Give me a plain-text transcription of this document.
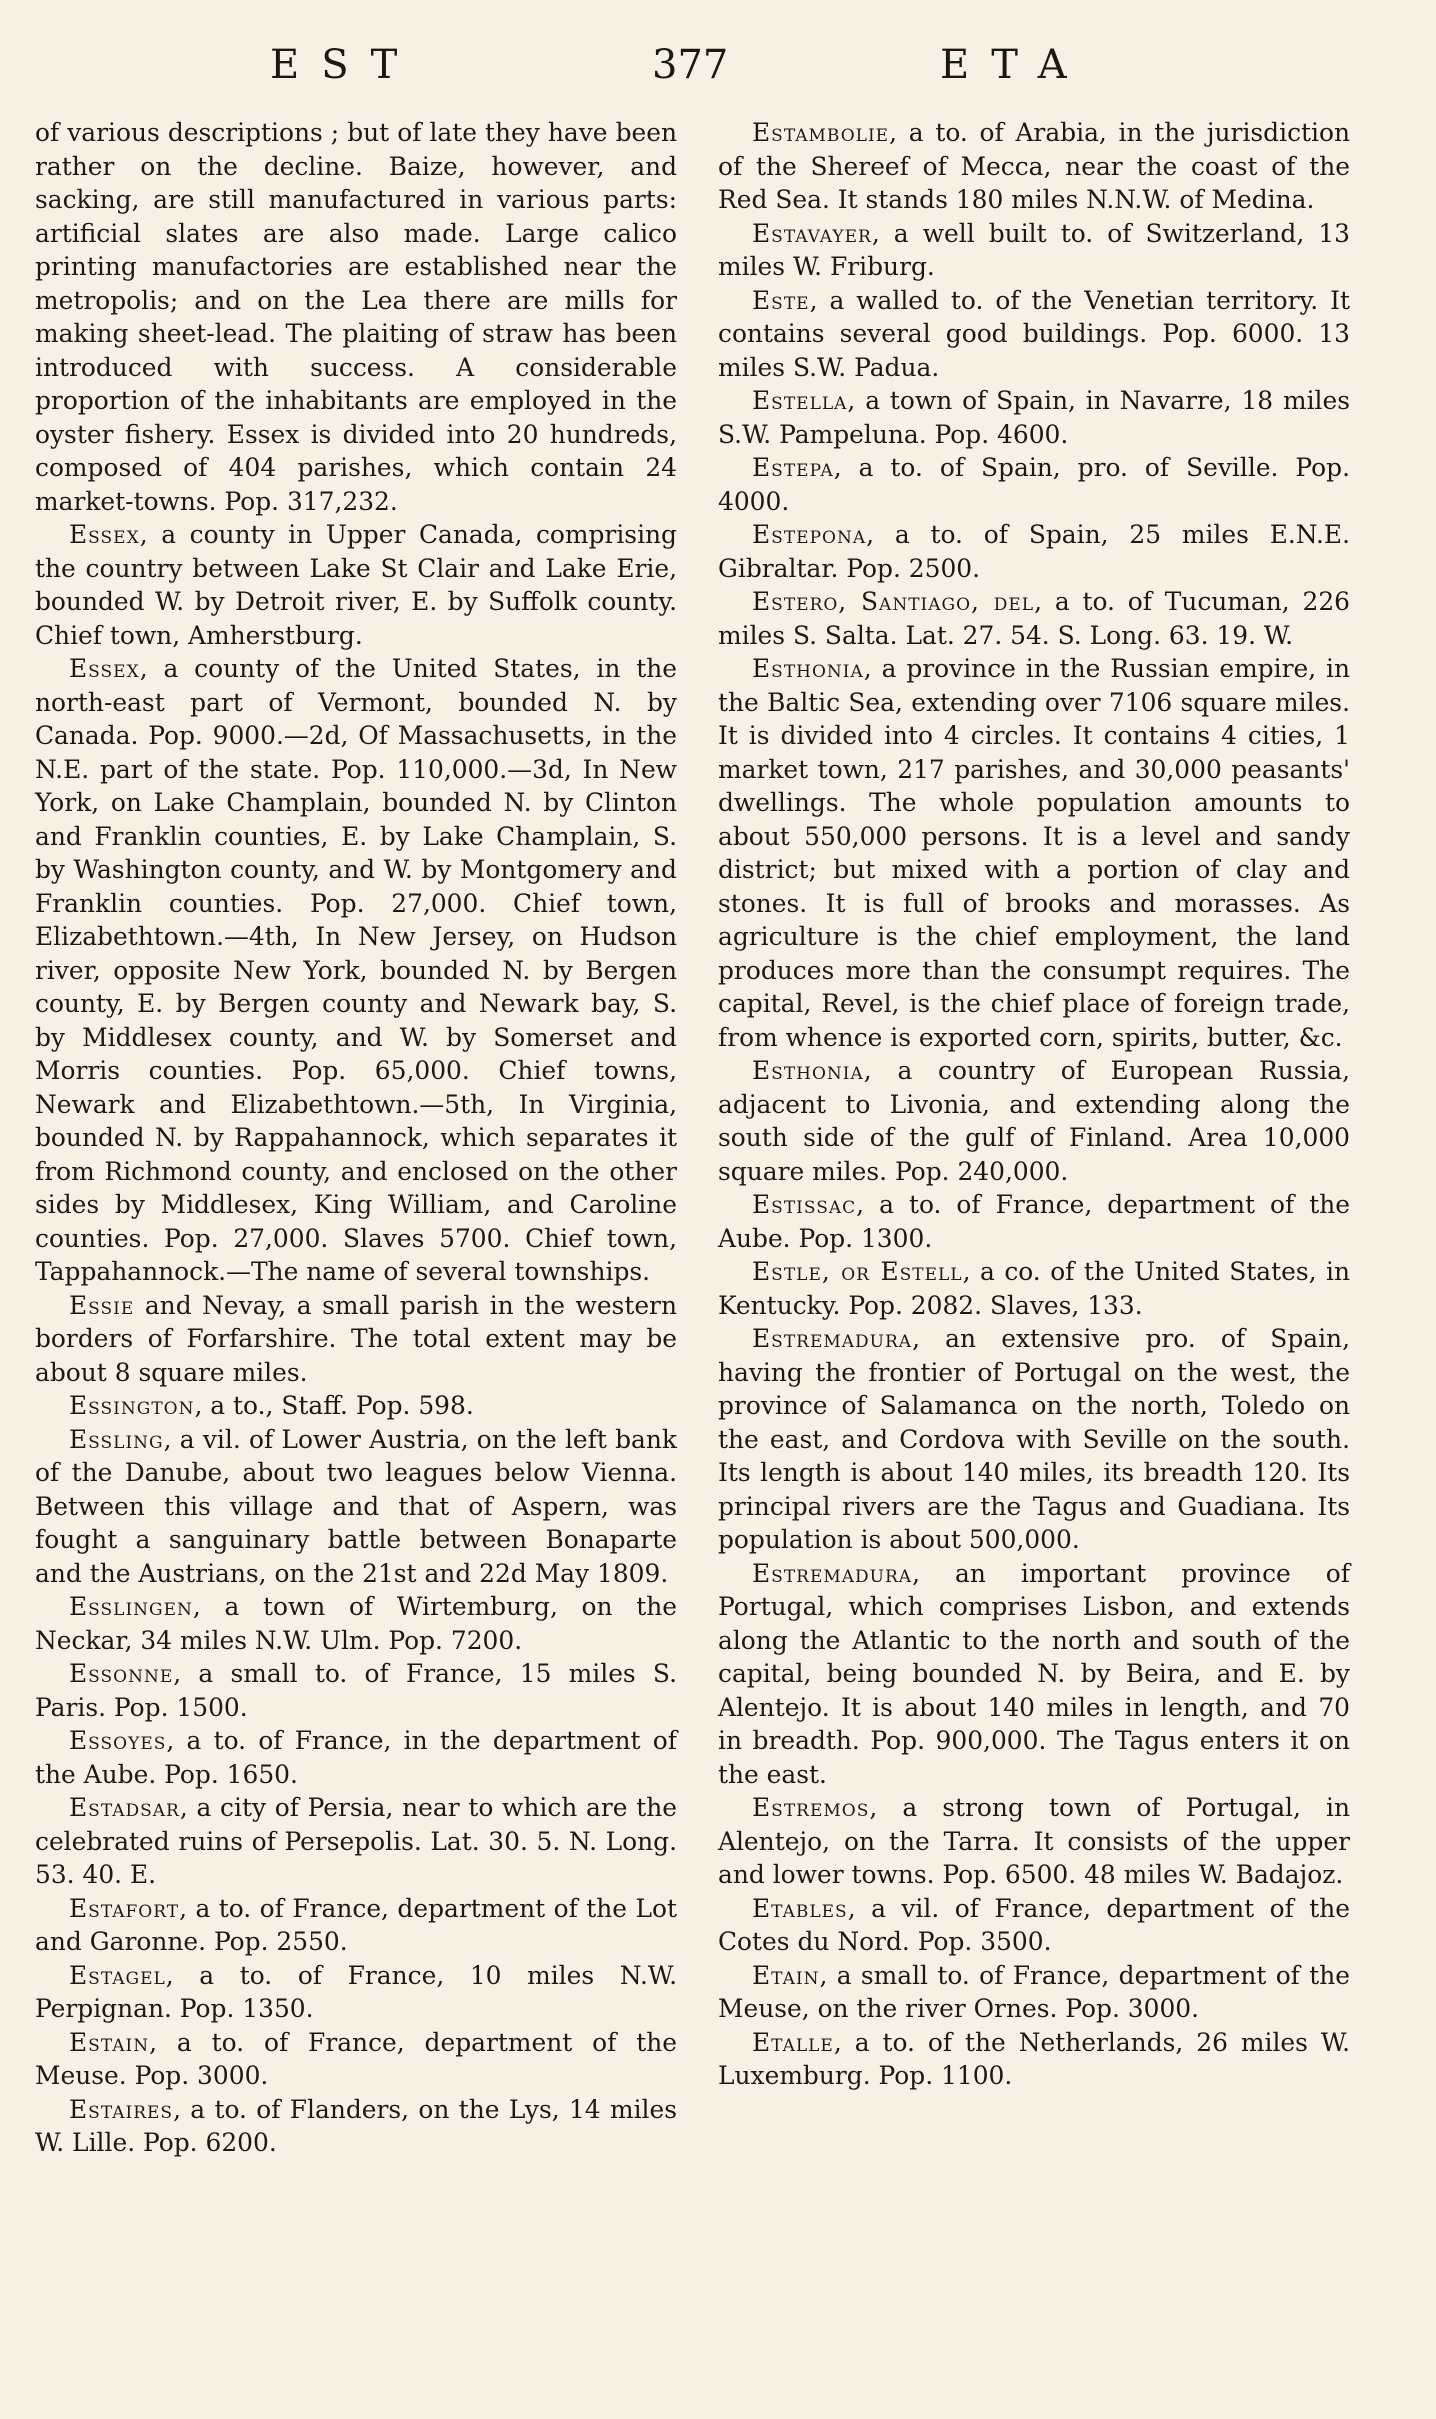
EST	377	ETA

of various descriptions ; but of late they have been rather on the decline. Baize, however, and sacking, are still manufactured in various parts: artificial slates are also made. Large calico printing manufactories are established near the metropolis; and on the Lea there are mills for making sheet-lead. The plaiting of straw has been introduced with success. A considerable proportion of the inhabitants are employed in the oyster fishery. Essex is divided into 20 hundreds, composed of 404 parishes, which contain 24 market-towns. Pop. 317,232.

Essex, a county in Upper Canada, comprising the country between Lake St Clair and Lake Erie, bounded W. by Detroit river, E. by Suffolk county. Chief town, Amherstburg.

Essex, a county of the United States, in the north-east part of Vermont, bounded N. by Canada. Pop. 9000.—2d, Of Massachusetts, in the N.E. part of the state. Pop. 110,000.—3d, In New York, on Lake Champlain, bounded N. by Clinton and Franklin counties, E. by Lake Champlain, S. by Washington county, and W. by Montgomery and Franklin counties. Pop. 27,000. Chief town, Elizabethtown.—4th, In New Jersey, on Hudson river, opposite New York, bounded N. by Bergen county, E. by Bergen county and Newark bay, S. by Middlesex county, and W. by Somerset and Morris counties. Pop. 65,000. Chief towns, Newark and Elizabethtown.—5th, In Virginia, bounded N. by Rappahannock, which separates it from Richmond county, and enclosed on the other sides by Middlesex, King William, and Caroline counties. Pop. 27,000. Slaves 5700. Chief town, Tappahannock.—The name of several townships.

Essie and Nevay, a small parish in the western borders of Forfarshire. The total extent may be about 8 square miles.

Essington, a to., Staff. Pop. 598.

Essling, a vil. of Lower Austria, on the left bank of the Danube, about two leagues below Vienna. Between this village and that of Aspern, was fought a sanguinary battle between Bonaparte and the Austrians, on the 21st and 22d May 1809.

Esslingen, a town of Wirtemburg, on the Neckar, 34 miles N.W. Ulm. Pop. 7200.

Essonne, a small to. of France, 15 miles S. Paris. Pop. 1500.

Essoyes, a to. of France, in the department of the Aube. Pop. 1650.

Estadsar, a city of Persia, near to which are the celebrated ruins of Persepolis. Lat. 30. 5. N. Long. 53. 40. E.

Estafort, a to. of France, department of the Lot and Garonne. Pop. 2550.

Estagel, a to. of France, 10 miles N.W. Perpignan. Pop. 1350.

Estain, a to. of France, department of the Meuse. Pop. 3000.

Estaires, a to. of Flanders, on the Lys, 14 miles W. Lille. Pop. 6200.

Estambolie, a to. of Arabia, in the jurisdiction of the Shereef of Mecca, near the coast of the Red Sea. It stands 180 miles N.N.W. of Medina.

Estavayer, a well built to. of Switzerland, 13 miles W. Friburg.

Este, a walled to. of the Venetian territory. It contains several good buildings. Pop. 6000. 13 miles S.W. Padua.

Estella, a town of Spain, in Navarre, 18 miles S.W. Pampeluna. Pop. 4600.

Estepa, a to. of Spain, pro. of Seville. Pop. 4000.

Estepona, a to. of Spain, 25 miles E.N.E. Gibraltar. Pop. 2500.

Estero, Santiago, del, a to. of Tucuman, 226 miles S. Salta. Lat. 27. 54. S. Long. 63. 19. W.

Esthonia, a province in the Russian empire, in the Baltic Sea, extending over 7106 square miles. It is divided into 4 circles. It contains 4 cities, 1 market town, 217 parishes, and 30,000 peasants' dwellings. The whole population amounts to about 550,000 persons. It is a level and sandy district; but mixed with a portion of clay and stones. It is full of brooks and morasses. As agriculture is the chief employment, the land produces more than the consumpt requires. The capital, Revel, is the chief place of foreign trade, from whence is exported corn, spirits, butter, &c.

Esthonia, a country of European Russia, adjacent to Livonia, and extending along the south side of the gulf of Finland. Area 10,000 square miles. Pop. 240,000.

Estissac, a to. of France, department of the Aube. Pop. 1300.

Estle, or Estell, a co. of the United States, in Kentucky. Pop. 2082. Slaves, 133.

Estremadura, an extensive pro. of Spain, having the frontier of Portugal on the west, the province of Salamanca on the north, Toledo on the east, and Cordova with Seville on the south. Its length is about 140 miles, its breadth 120. Its principal rivers are the Tagus and Guadiana. Its population is about 500,000.

Estremadura, an important province of Portugal, which comprises Lisbon, and extends along the Atlantic to the north and south of the capital, being bounded N. by Beira, and E. by Alentejo. It is about 140 miles in length, and 70 in breadth. Pop. 900,000. The Tagus enters it on the east.

Estremos, a strong town of Portugal, in Alentejo, on the Tarra. It consists of the upper and lower towns. Pop. 6500. 48 miles W. Badajoz.

Etables, a vil. of France, department of the Cotes du Nord. Pop. 3500.

Etain, a small to. of France, department of the Meuse, on the river Ornes. Pop. 3000.

Etalle, a to. of the Netherlands, 26 miles W. Luxemburg. Pop. 1100.
